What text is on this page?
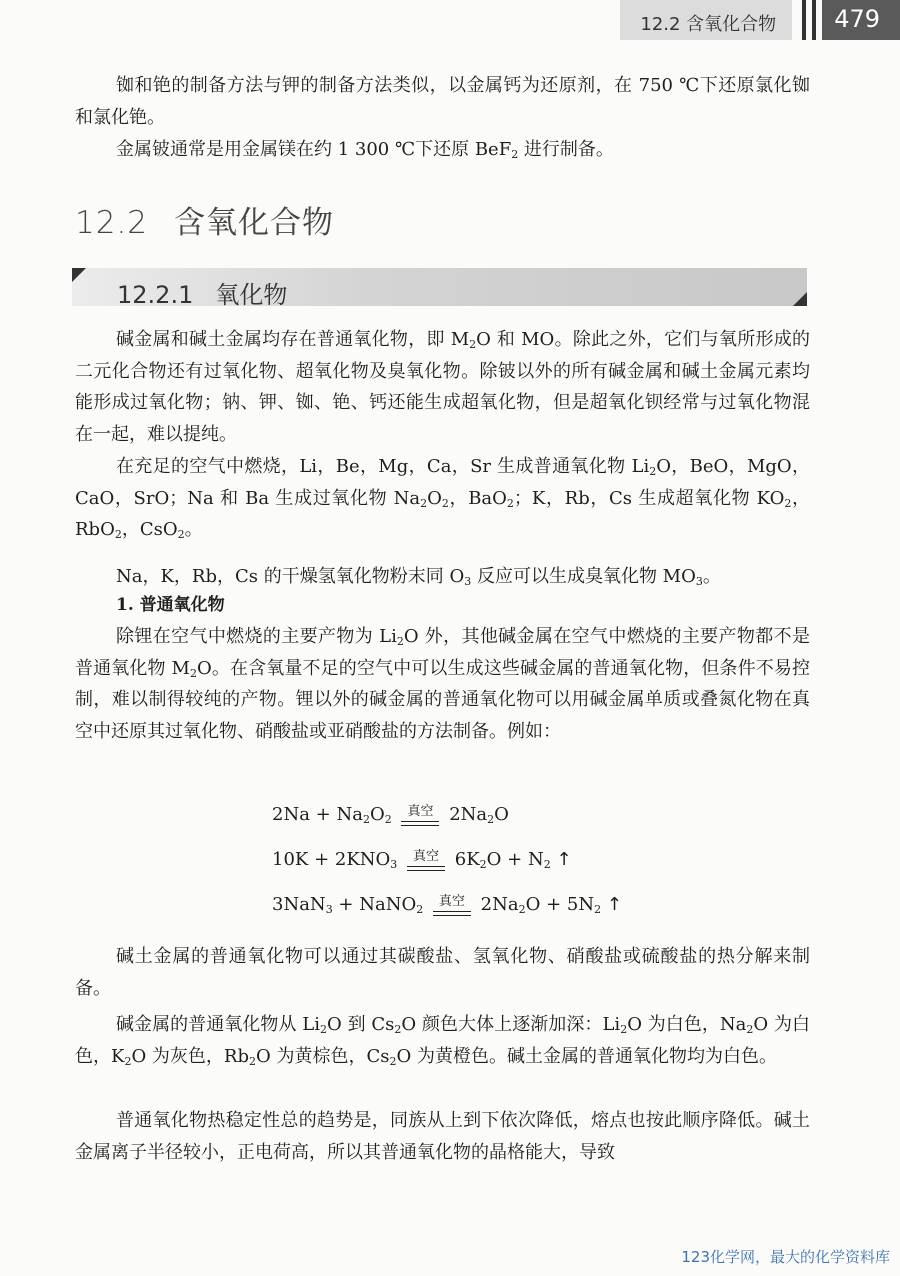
12.2 含氧化合物	479

铷和铯的制备方法与钾的制备方法类似，以金属钙为还原剂，在 750 ℃下还原氯化铷和氯化铯。

金属铍通常是用金属镁在约 1 300 ℃下还原 BeF$_2$ 进行制备。

12.2 含氧化合物
12.2.1 氧化物

碱金属和碱土金属均存在普通氧化物，即 $M_2O$ 和 MO。除此之外，它们与氧所形成的二元化合物还有过氧化物、超氧化物及臭氧化物。除铍以外的所有碱金属和碱土金属元素均能形成过氧化物；钠、钾、铷、铯、钙还能生成超氧化物，但是超氧化钡经常与过氧化物混在一起，难以提纯。

在充足的空气中燃烧，Li，Be，Mg，Ca，Sr 生成普通氧化物 $Li_2O$，BeO，MgO，CaO，SrO；Na 和 Ba 生成过氧化物 $Na_2O_2$，BaO$_2$；K，Rb，Cs 生成超氧化物 $KO_2$，RbO$_2$，CsO$_2$。

Na，K，Rb，Cs 的干燥氢氧化物粉末同 $O_3$ 反应可以生成臭氧化物 $MO_3$。

1. 普通氧化物

除锂在空气中燃烧的主要产物为 $Li_2O$ 外，其他碱金属在空气中燃烧的主要产物都不是普通氧化物 $M_2O$。在含氧量不足的空气中可以生成这些碱金属的普通氧化物，但条件不易控制，难以制得较纯的产物。锂以外的碱金属的普通氧化物可以用碱金属单质或叠氮化物在真空中还原其过氧化物、硝酸盐或亚硝酸盐的方法制备。例如：

$2Na + Na_2O_2$
真空 $2Na_2O$

$10K + 2KNO_3$
真空 $6K_2O + N_2$ ↑

3NaN$_3$ + NaNO$_2$
真空 $2Na_2O + 5N_2$ ↑

碱土金属的普通氧化物可以通过其碳酸盐、氢氧化物、硝酸盐或硫酸盐的热分解来制备。

碱金属的普通氧化物从 $Li_2O$ 到 $Cs_2O$ 颜色大体上逐渐加深：$Li_2O$ 为白色，$Na_2O$ 为白色，$K_2O$ 为灰色，$Rb_2O$ 为黄棕色，$Cs_2O$ 为黄橙色。碱土金属的普通氧化物均为白色。

普通氧化物热稳定性总的趋势是，同族从上到下依次降低，熔点也按此顺序降低。碱土金属离子半径较小，正电荷高，所以其普通氧化物的晶格能大，导致

123化学网，最大的化学资料库
